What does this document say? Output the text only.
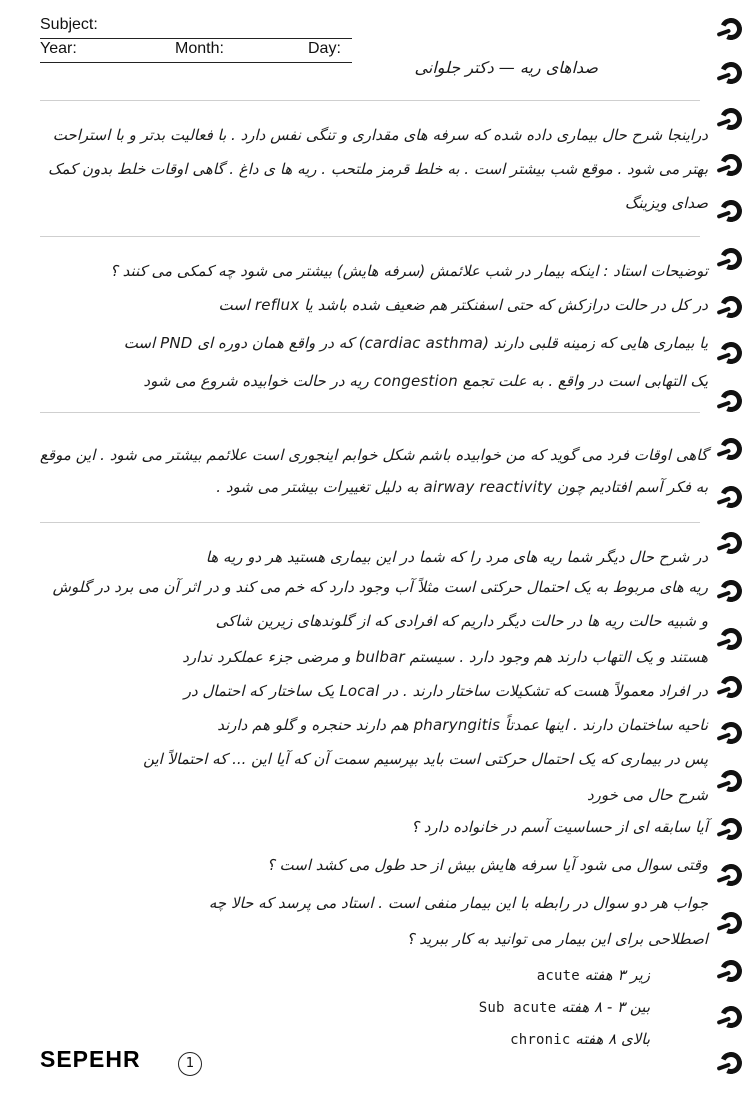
Subject:
Year:	Month:	Day:
صداهای ریه — دکتر جلوانی
دراینجا شرح حال بیماری داده شده که سرفه های مقداری و تنگی نفس دارد . با فعالیت بدتر و با استراحت
بهتر می شود . موقع شب بیشتر است . به خلط قرمز ملتحب . ریه ها ی داغ . گاهی اوقات خلط بدون کمک
صدای ویزینگ
توضیحات استاد : اینکه بیمار در شب علائمش (سرفه هایش) بیشتر می شود چه کمکی می کنند ؟
در کل در حالت درازکش که حتی اسفنکتر هم ضعیف شده باشد یا reflux است
یا بیماری هایی که زمینه قلبی دارند (cardiac asthma) که در واقع همان دوره ای PND است
یک التهابی است در واقع . به علت تجمع congestion ریه در حالت خوابیده شروع می شود
گاهی اوقات فرد می گوید که من خوابیده باشم شکل خوابم اینجوری است علائمم بیشتر می شود . این موقع
به فکر آسم افتادیم چون airway reactivity به دلیل تغییرات بیشتر می شود .
در شرح حال دیگر شما ریه های مرد را که شما در این بیماری هستید هر دو ریه ها
ریه های مربوط به یک احتمال حرکتی است مثلاً آب وجود دارد که خم می کند و در اثر آن می برد در گلوش
و شبیه حالت ریه ها در حالت دیگر داریم که افرادی که از گلوندهای زیرین شاکی
هستند و یک التهاب دارند هم وجود دارد . سیستم bulbar و مرضی جزء عملکرد ندارد
در افراد معمولاً هست که تشکیلات ساختار دارند . در Local یک ساختار که احتمال در
ناحیه ساختمان دارند . اینها عمدتاً pharyngitis هم دارند حنجره و گلو هم دارند
پس در بیماری که یک احتمال حرکتی است باید بپرسیم سمت آن که آیا این ... که احتمالاً این
شرح حال می خورد
آیا سابقه ای از حساسیت آسم در خانواده دارد ؟
وقتی سوال می شود آیا سرفه هایش بیش از حد طول می کشد است ؟
جواب هر دو سوال در رابطه با این بیمار منفی است . استاد می پرسد که حالا چه
اصطلاحی برای این بیمار می توانید به کار ببرید ؟
زیر ۳ هفته acute
بین ۳ - ۸ هفته Sub acute
بالای ۸ هفته chronic
SEPEHR	1
